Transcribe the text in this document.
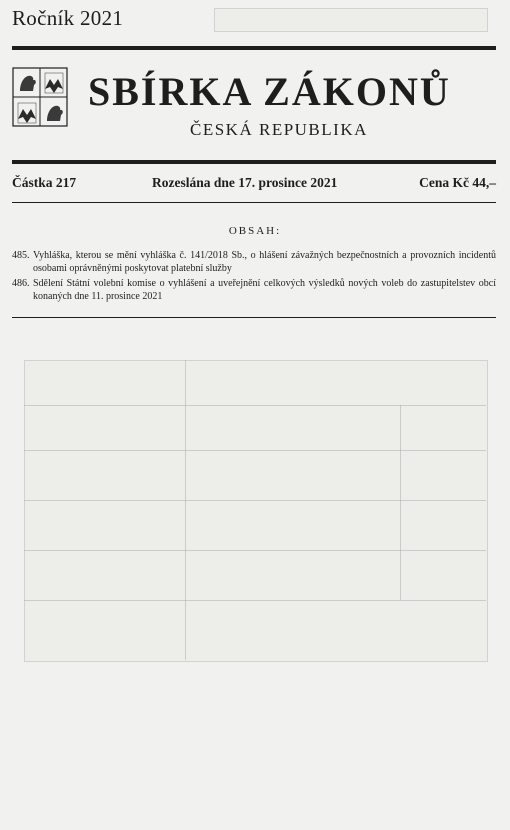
Ročník 2021
SBÍRKA ZÁKONŮ
ČESKÁ REPUBLIKA
Částka 217	Rozeslána dne 17. prosince 2021	Cena Kč 44,–
OBSAH:
485. Vyhláška, kterou se mění vyhláška č. 141/2018 Sb., o hlášení závažných bezpečnostních a provozních incidentů osobami oprávněnými poskytovat platební služby
486. Sdělení Státní volební komise o vyhlášení a uveřejnění celkových výsledků nových voleb do zastupitelstev obcí konaných dne 11. prosince 2021
